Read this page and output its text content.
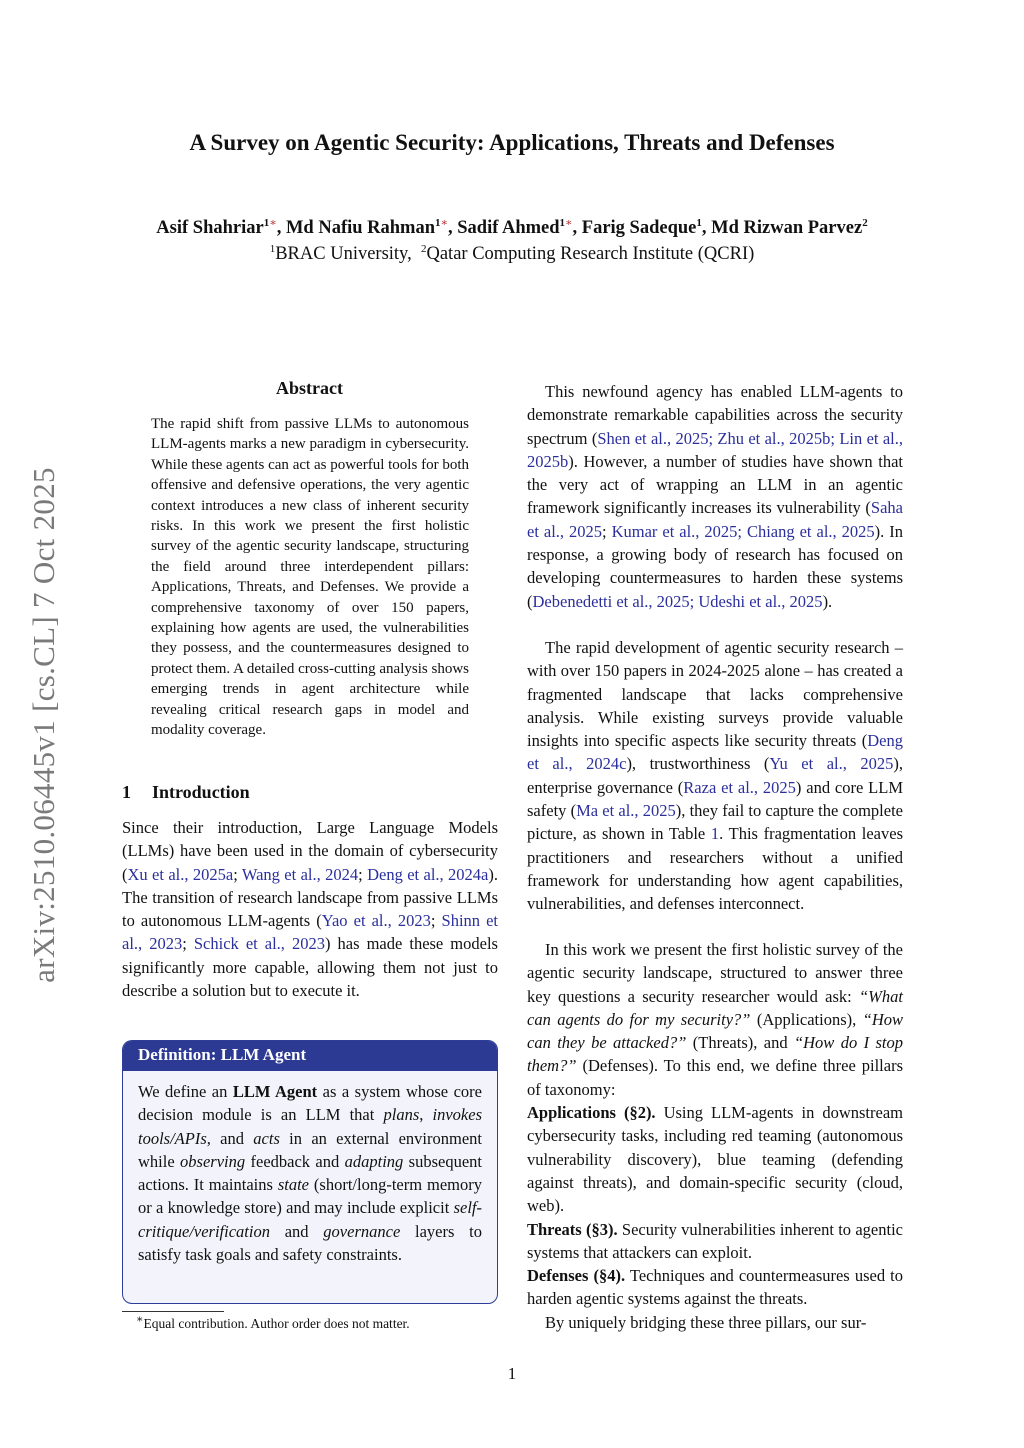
A Survey on Agentic Security: Applications, Threats and Defenses
Asif Shahriar$^{1∗}$, Md Nafiu Rahman$^{1∗}$, Sadif Ahmed$^{1∗}$, Farig Sadeque$^1$, Md Rizwan Parvez$^2$
$^1$BRAC University, $^2$Qatar Computing Research Institute (QCRI)
arXiv:2510.06445v1 [cs.CL] 7 Oct 2025
Abstract
The rapid shift from passive LLMs to autonomous LLM-agents marks a new paradigm in cybersecurity. While these agents can act as powerful tools for both offensive and defensive operations, the very agentic context introduces a new class of inherent security risks. In this work we present the first holistic survey of the agentic security landscape, structuring the field around three interdependent pillars: Applications, Threats, and Defenses. We provide a comprehensive taxonomy of over 150 papers, explaining how agents are used, the vulnerabilities they possess, and the countermeasures designed to protect them. A detailed cross-cutting analysis shows emerging trends in agent architecture while revealing critical research gaps in model and modality coverage.
1 Introduction

Since their introduction, Large Language Models (LLMs) have been used in the domain of cybersecurity (Xu et al., 2025a; Wang et al., 2024; Deng et al., 2024a). The transition of research landscape from passive LLMs to autonomous LLM-agents (Yao et al., 2023; Shinn et al., 2023; Schick et al., 2023) has made these models significantly more capable, allowing them not just to describe a solution but to execute it.

Definition: LLM Agent
We define an LLM Agent as a system whose core decision module is an LLM that plans, invokes tools/APIs, and acts in an external environment while observing feedback and adapting subsequent actions. It maintains state (short/long-term memory or a knowledge store) and may include explicit self-critique/verification and governance layers to satisfy task goals and safety constraints.
∗Equal contribution. Author order does not matter.
This newfound agency has enabled LLM-agents to demonstrate remarkable capabilities across the security spectrum (Shen et al., 2025; Zhu et al., 2025b; Lin et al., 2025b). However, a number of studies have shown that the very act of wrapping an LLM in an agentic framework significantly increases its vulnerability (Saha et al., 2025; Kumar et al., 2025; Chiang et al., 2025). In response, a growing body of research has focused on developing countermeasures to harden these systems (Debenedetti et al., 2025; Udeshi et al., 2025).
The rapid development of agentic security research – with over 150 papers in 2024-2025 alone – has created a fragmented landscape that lacks comprehensive analysis. While existing surveys provide valuable insights into specific aspects like security threats (Deng et al., 2024c), trustworthiness (Yu et al., 2025), enterprise governance (Raza et al., 2025) and core LLM safety (Ma et al., 2025), they fail to capture the complete picture, as shown in Table 1. This fragmentation leaves practitioners and researchers without a unified framework for understanding how agent capabilities, vulnerabilities, and defenses interconnect.

In this work we present the first holistic survey of the agentic security landscape, structured to answer three key questions a security researcher would ask: “What can agents do for my security?” (Applications), “How can they be attacked?” (Threats), and “How do I stop them?” (Defenses). To this end, we define three pillars of taxonomy:

Applications (§2). Using LLM-agents in downstream cybersecurity tasks, including red teaming (autonomous vulnerability discovery), blue teaming (defending against threats), and domain-specific security (cloud, web).

Threats (§3). Security vulnerabilities inherent to agentic systems that attackers can exploit.

Defenses (§4). Techniques and countermeasures used to harden agentic systems against the threats.

By uniquely bridging these three pillars, our sur-

1
